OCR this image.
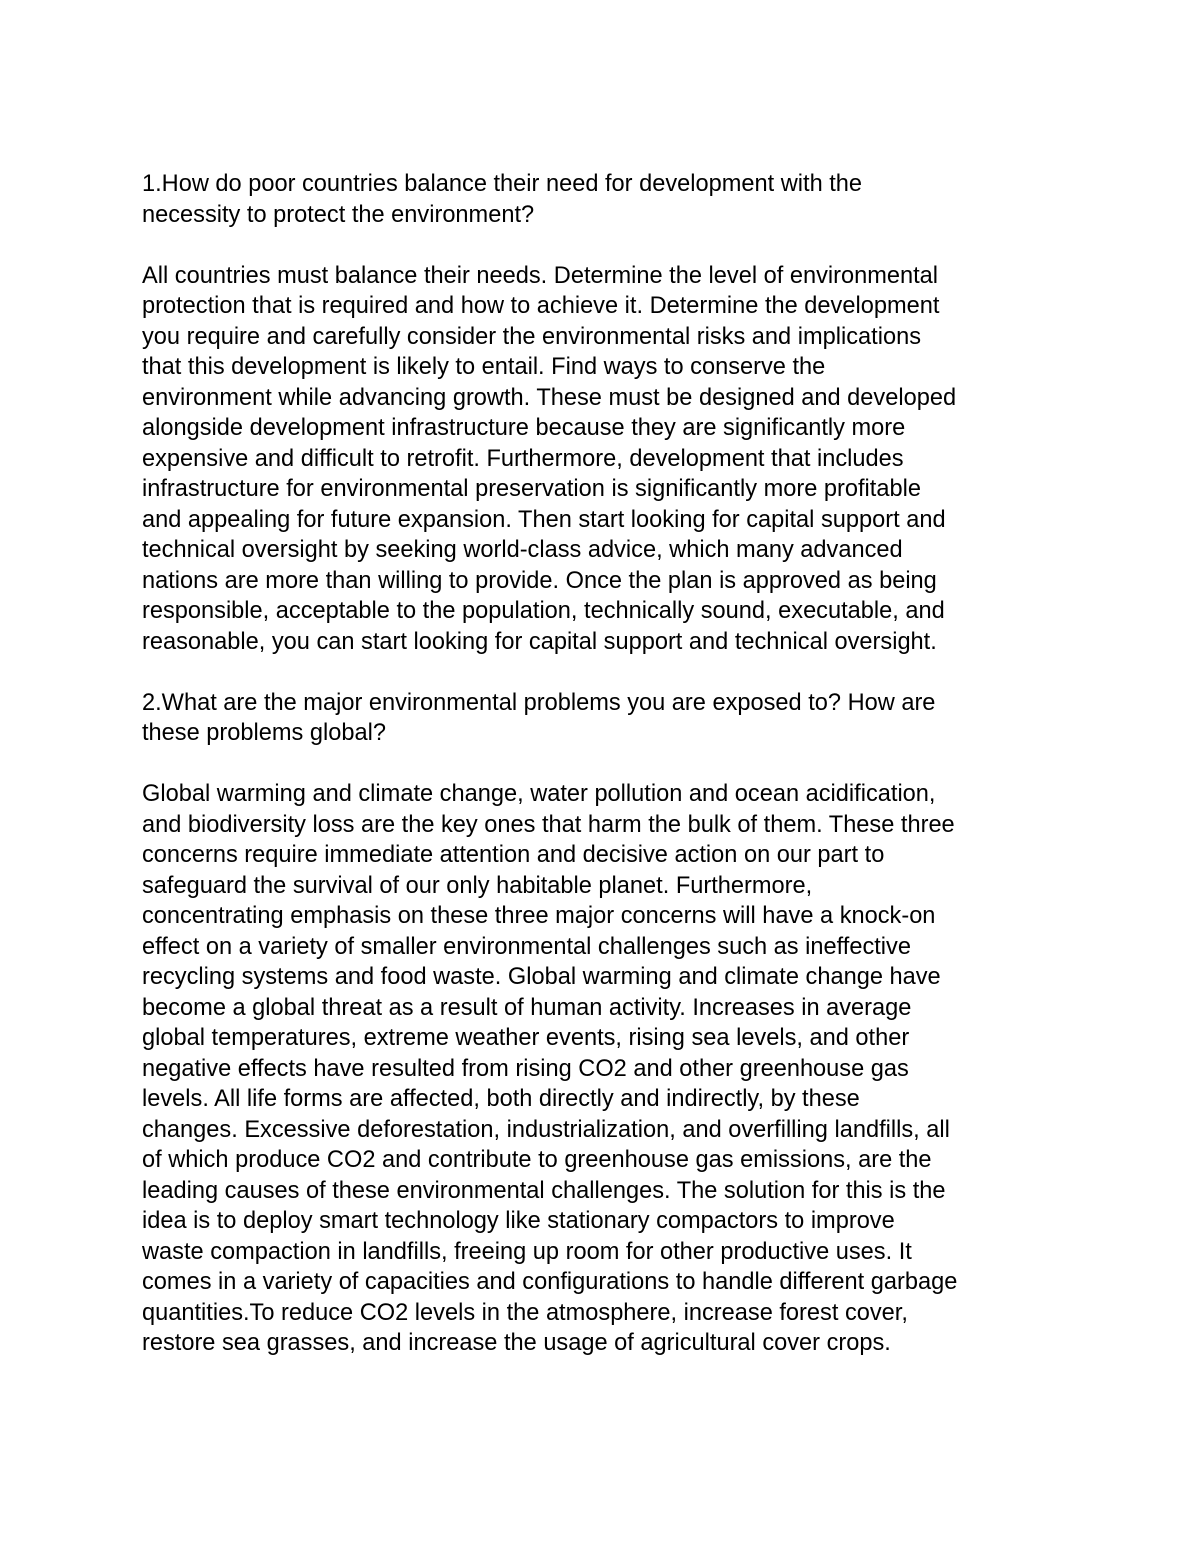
1.How do poor countries balance their need for development with the

necessity to protect the environment?

All countries must balance their needs. Determine the level of environmental

protection that is required and how to achieve it. Determine the development

you require and carefully consider the environmental risks and implications

that this development is likely to entail. Find ways to conserve the

environment while advancing growth. These must be designed and developed

alongside development infrastructure because they are significantly more

expensive and difficult to retrofit. Furthermore, development that includes

infrastructure for environmental preservation is significantly more profitable

and appealing for future expansion. Then start looking for capital support and

technical oversight by seeking world-class advice, which many advanced

nations are more than willing to provide. Once the plan is approved as being

responsible, acceptable to the population, technically sound, executable, and

reasonable, you can start looking for capital support and technical oversight.

2.What are the major environmental problems you are exposed to? How are

these problems global?

Global warming and climate change, water pollution and ocean acidification,

and biodiversity loss are the key ones that harm the bulk of them. These three

concerns require immediate attention and decisive action on our part to

safeguard the survival of our only habitable planet. Furthermore,

concentrating emphasis on these three major concerns will have a knock-on

effect on a variety of smaller environmental challenges such as ineffective

recycling systems and food waste. Global warming and climate change have

become a global threat as a result of human activity. Increases in average

global temperatures, extreme weather events, rising sea levels, and other

negative effects have resulted from rising CO2 and other greenhouse gas

levels. All life forms are affected, both directly and indirectly, by these

changes. Excessive deforestation, industrialization, and overfilling landfills, all

of which produce CO2 and contribute to greenhouse gas emissions, are the

leading causes of these environmental challenges. The solution for this is the

idea is to deploy smart technology like stationary compactors to improve

waste compaction in landfills, freeing up room for other productive uses. It

comes in a variety of capacities and configurations to handle different garbage

quantities.To reduce CO2 levels in the atmosphere, increase forest cover,

restore sea grasses, and increase the usage of agricultural cover crops.
